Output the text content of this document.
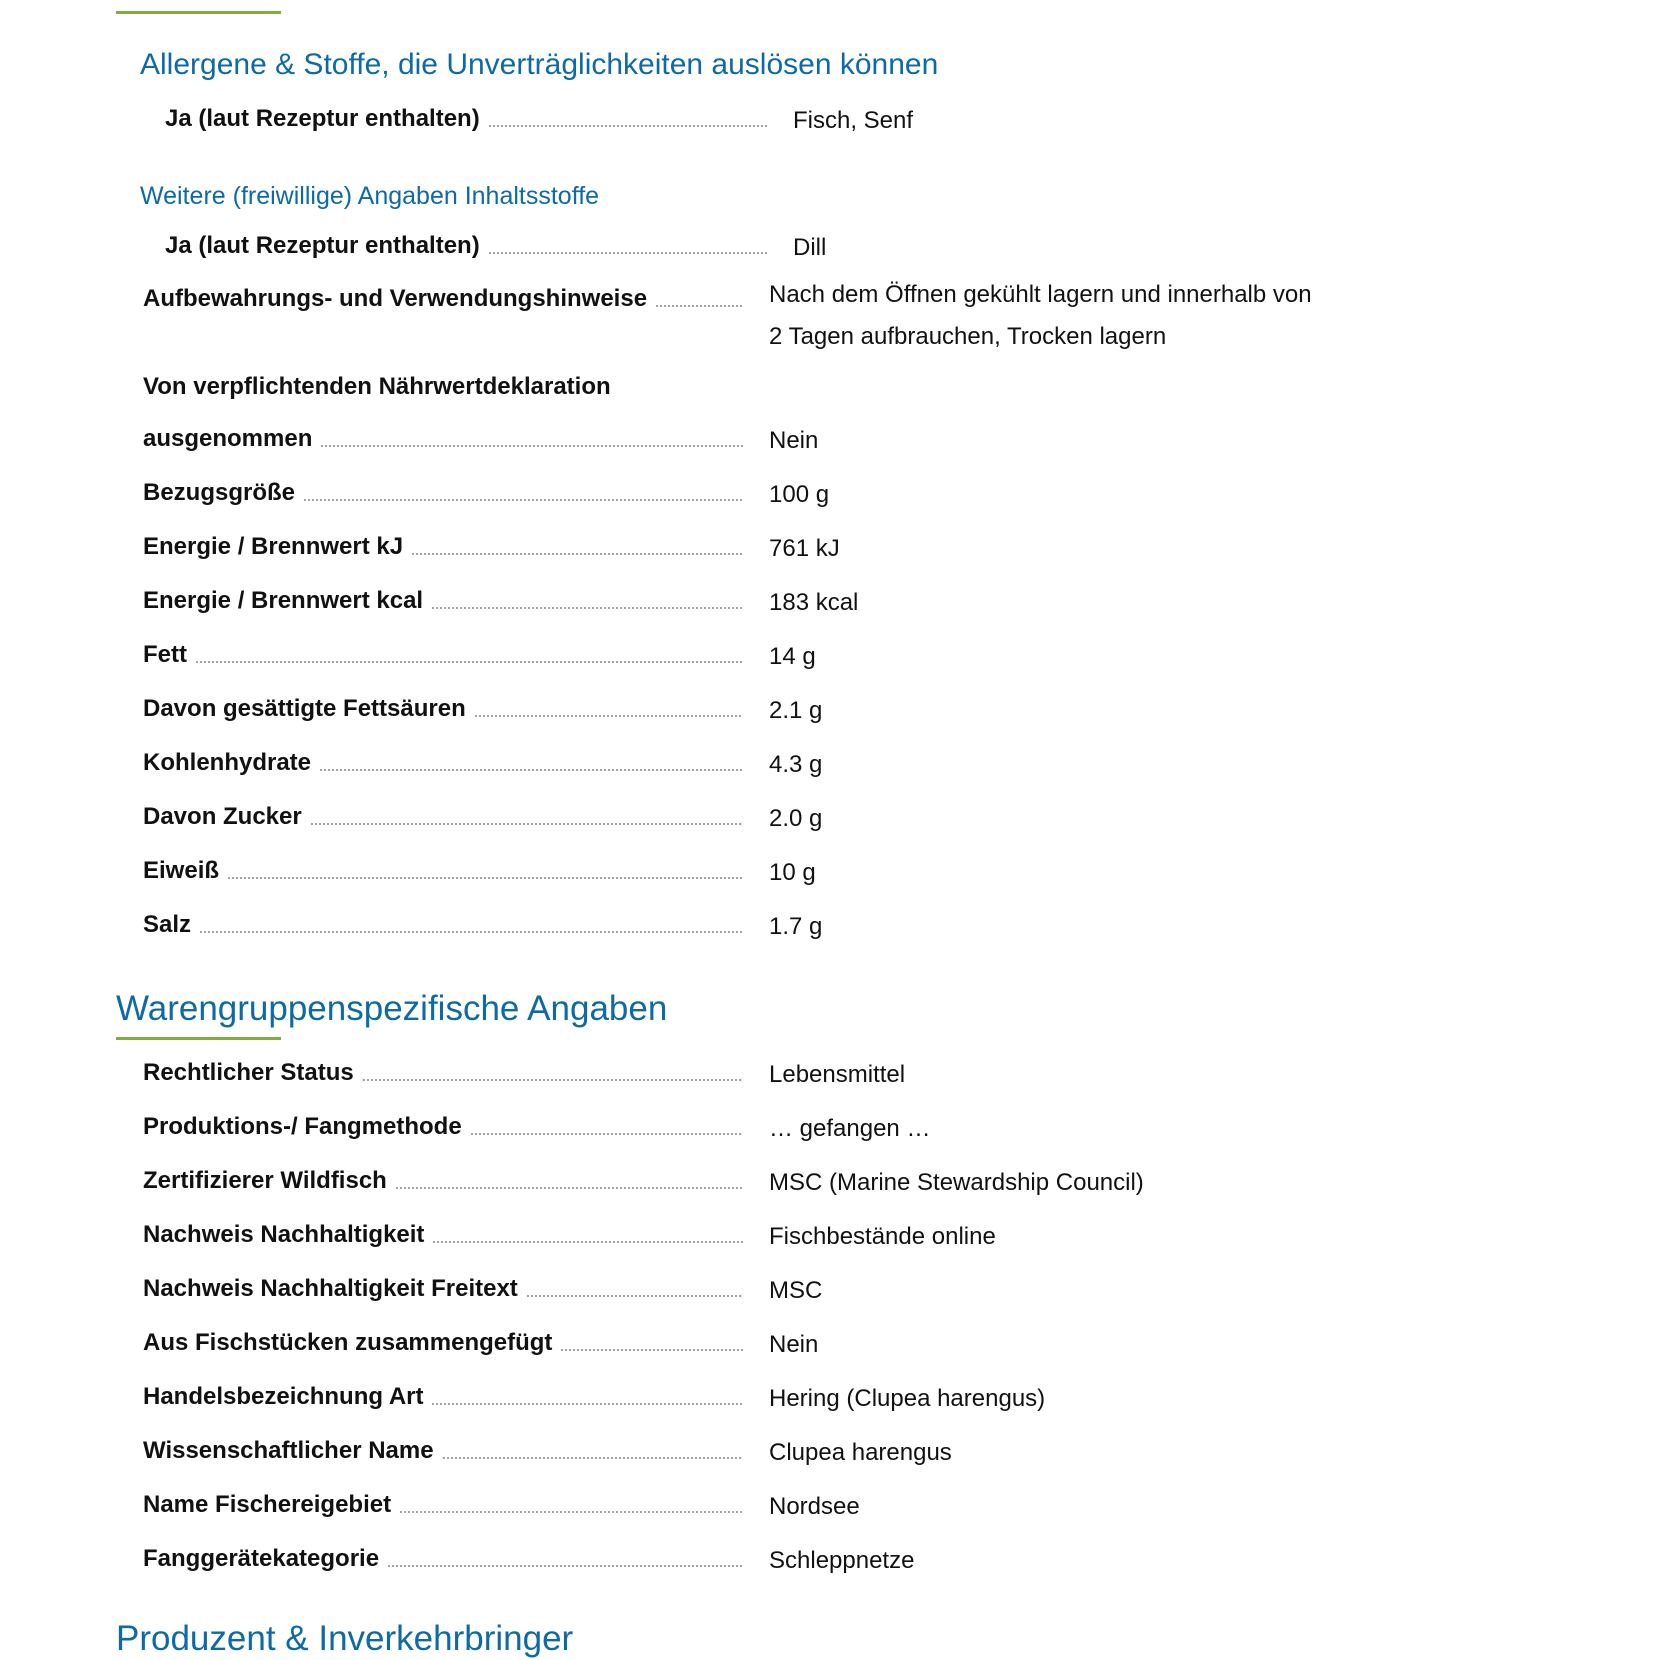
Allergene & Stoffe, die Unverträglichkeiten auslösen können
Ja (laut Rezeptur enthalten)	Fisch, Senf
Weitere (freiwillige) Angaben Inhaltsstoffe
Ja (laut Rezeptur enthalten)	Dill
Aufbewahrungs- und Verwendungshinweise	Nach dem Öffnen gekühlt lagern und innerhalb von 2 Tagen aufbrauchen, Trocken lagern
Von verpflichtenden Nährwertdeklaration
ausgenommen	Nein
Bezugsgröße	100 g
Energie / Brennwert kJ	761 kJ
Energie / Brennwert kcal	183 kcal
Fett	14 g
Davon gesättigte Fettsäuren	2.1 g
Kohlenhydrate	4.3 g
Davon Zucker	2.0 g
Eiweiß	10 g
Salz	1.7 g
Warengruppenspezifische Angaben
Rechtlicher Status	Lebensmittel
Produktions-/ Fangmethode	… gefangen …
Zertifizierer Wildfisch	MSC (Marine Stewardship Council)
Nachweis Nachhaltigkeit	Fischbestände online
Nachweis Nachhaltigkeit Freitext	MSC
Aus Fischstücken zusammengefügt	Nein
Handelsbezeichnung Art	Hering (Clupea harengus)
Wissenschaftlicher Name	Clupea harengus
Name Fischereigebiet	Nordsee
Fanggerätekategorie	Schleppnetze
Produzent & Inverkehrbringer
